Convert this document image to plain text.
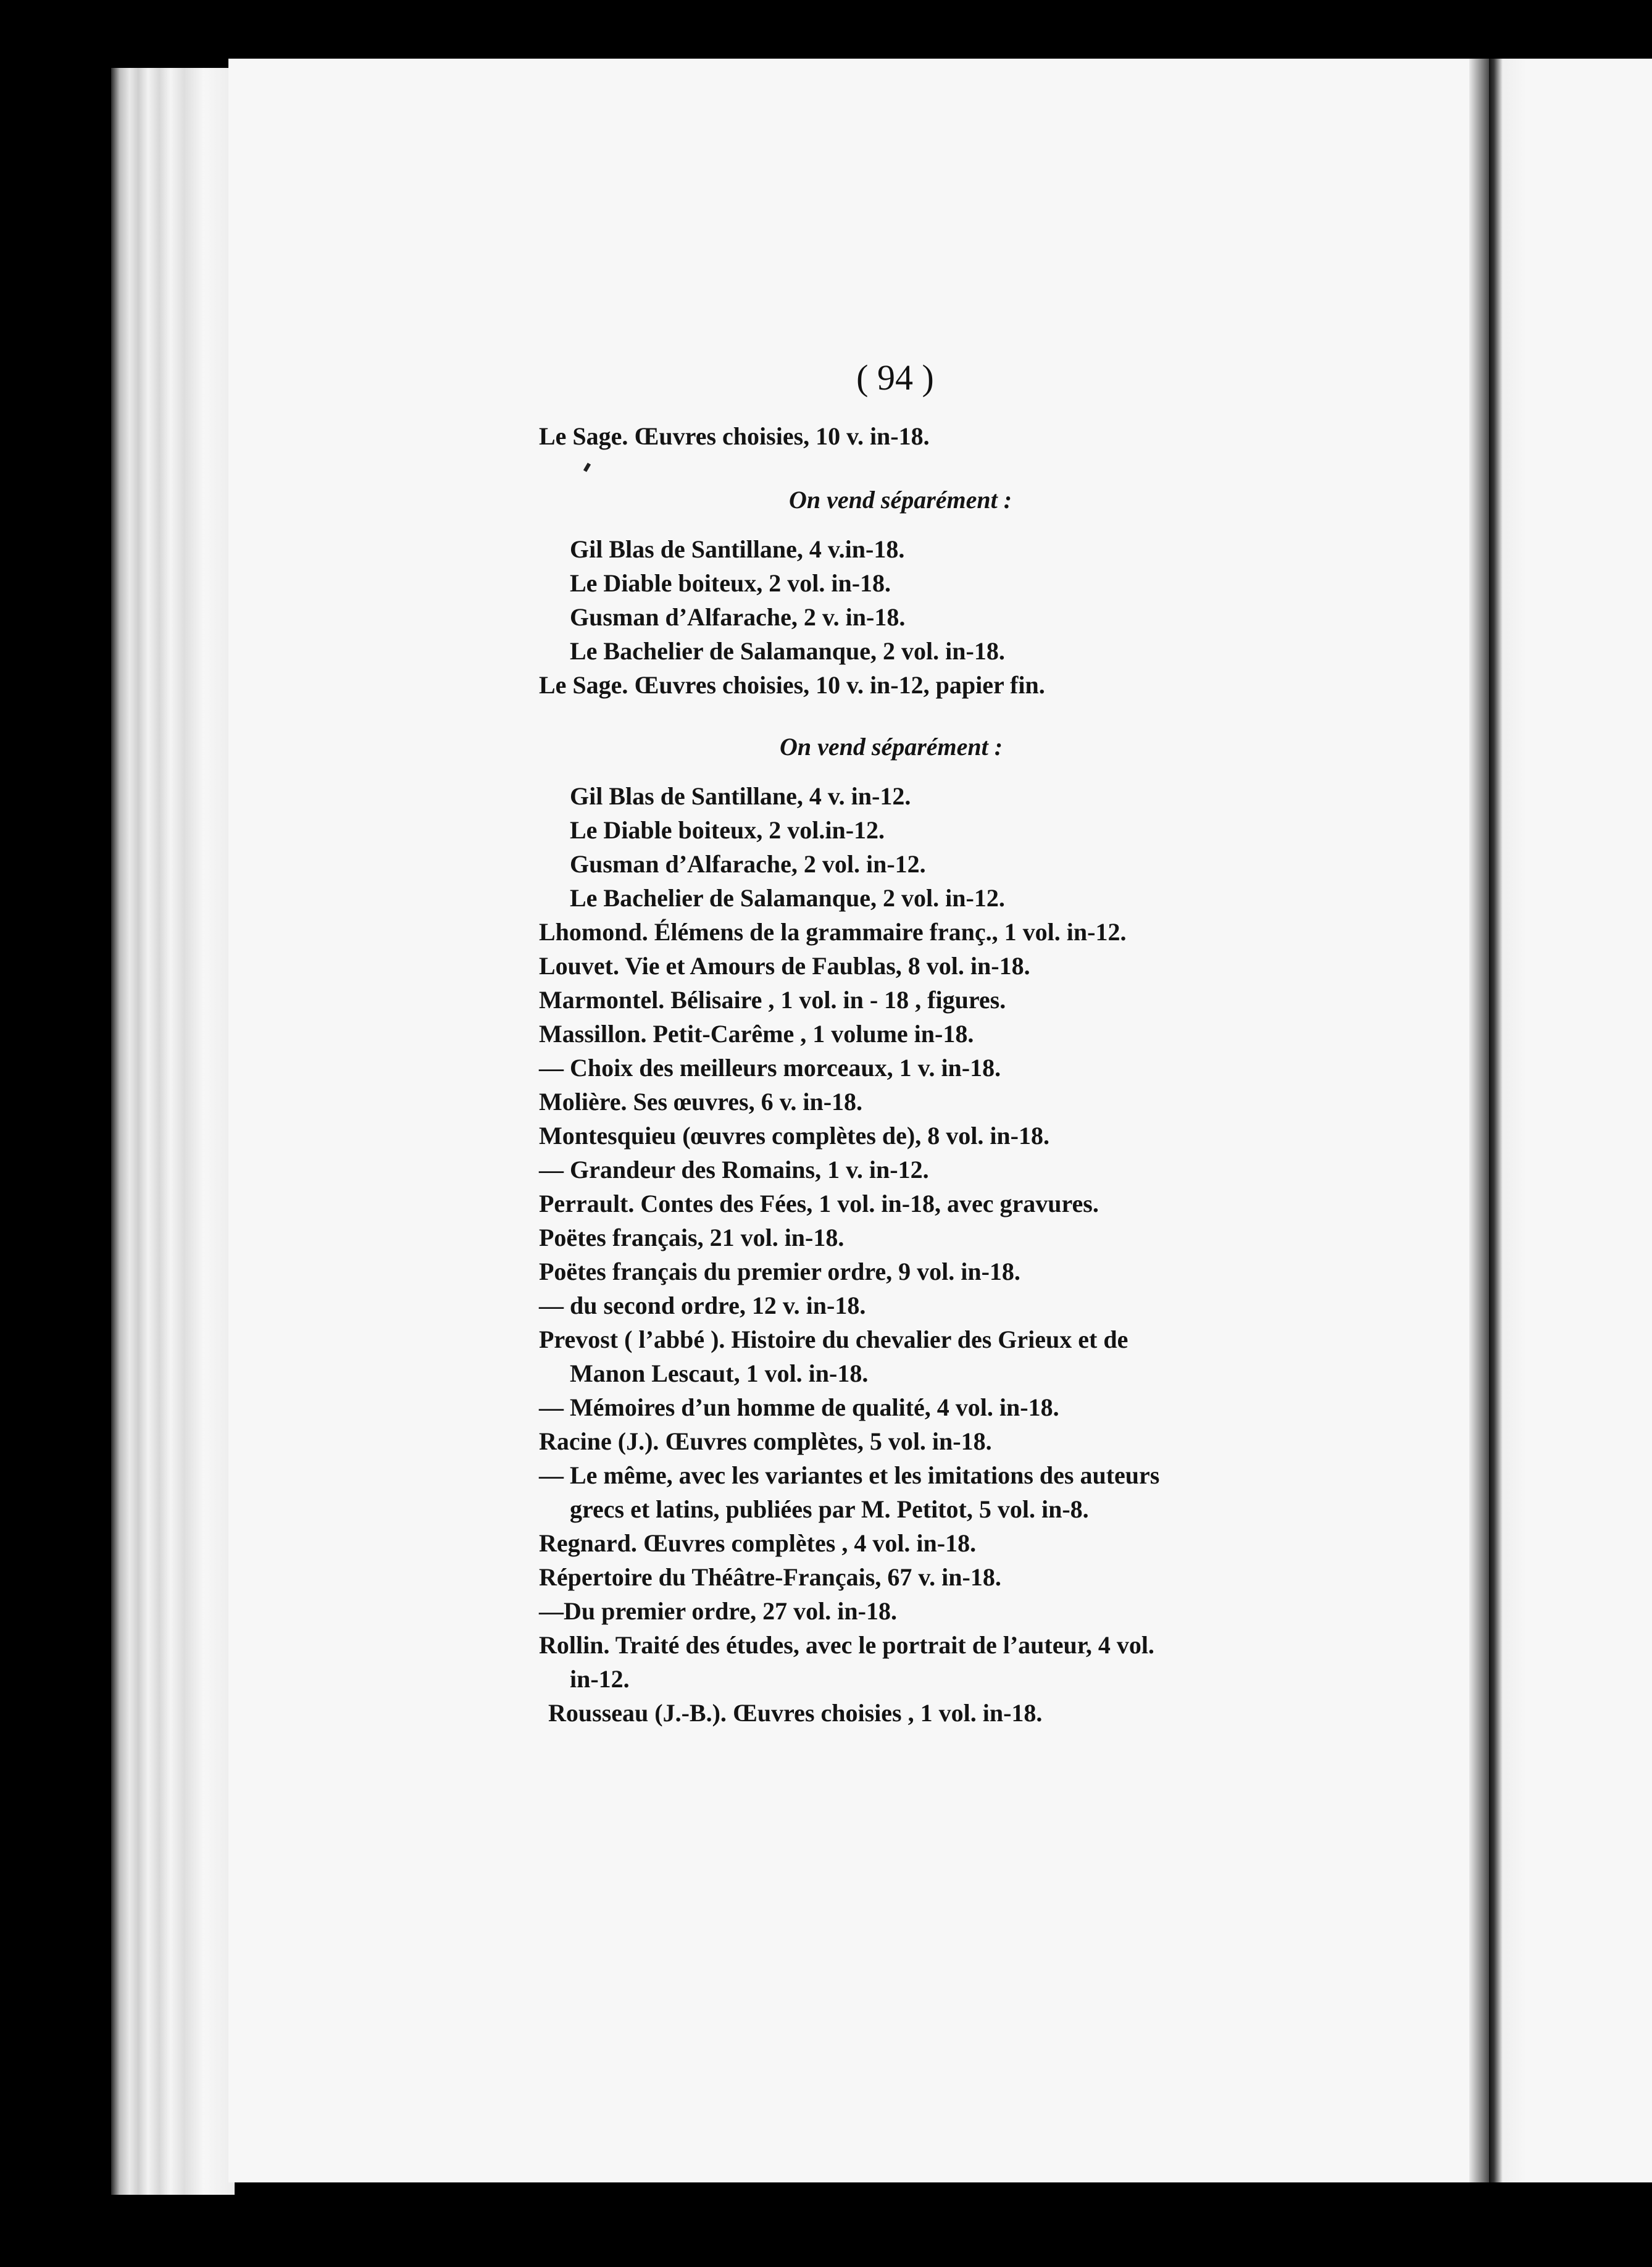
( 94 )
Le Sage. Œuvres choisies, 10 v. in-18.
On vend séparément :
Gil Blas de Santillane, 4 v.in-18.
Le Diable boiteux, 2 vol. in-18.
Gusman d’Alfarache, 2 v. in-18.
Le Bachelier de Salamanque, 2 vol. in-18.
Le Sage. Œuvres choisies, 10 v. in-12, papier fin.
On vend séparément :
Gil Blas de Santillane, 4 v. in-12.
Le Diable boiteux, 2 vol.in-12.
Gusman d’Alfarache, 2 vol. in-12.
Le Bachelier de Salamanque, 2 vol. in-12.
Lhomond. Élémens de la grammaire franç., 1 vol. in-12.
Louvet. Vie et Amours de Faublas, 8 vol. in-18.
Marmontel. Bélisaire , 1 vol. in - 18 , figures.
Massillon. Petit-Carême , 1 volume in-18.
— Choix des meilleurs morceaux, 1 v. in-18.
Molière. Ses œuvres, 6 v. in-18.
Montesquieu (œuvres complètes de), 8 vol. in-18.
— Grandeur des Romains, 1 v. in-12.
Perrault. Contes des Fées, 1 vol. in-18, avec gravures.
Poëtes français, 21 vol. in-18.
Poëtes français du premier ordre, 9 vol. in-18.
— du second ordre, 12 v. in-18.
Prevost ( l’abbé ). Histoire du chevalier des Grieux et de
Manon Lescaut, 1 vol. in-18.
— Mémoires d’un homme de qualité, 4 vol. in-18.
Racine (J.). Œuvres complètes, 5 vol. in-18.
— Le même, avec les variantes et les imitations des auteurs
grecs et latins, publiées par M. Petitot, 5 vol. in-8.
Regnard. Œuvres complètes , 4 vol. in-18.
Répertoire du Théâtre-Français, 67 v. in-18.
—Du premier ordre, 27 vol. in-18.
Rollin. Traité des études, avec le portrait de l’auteur, 4 vol.
in-12.
Rousseau (J.-B.). Œuvres choisies , 1 vol. in-18.
